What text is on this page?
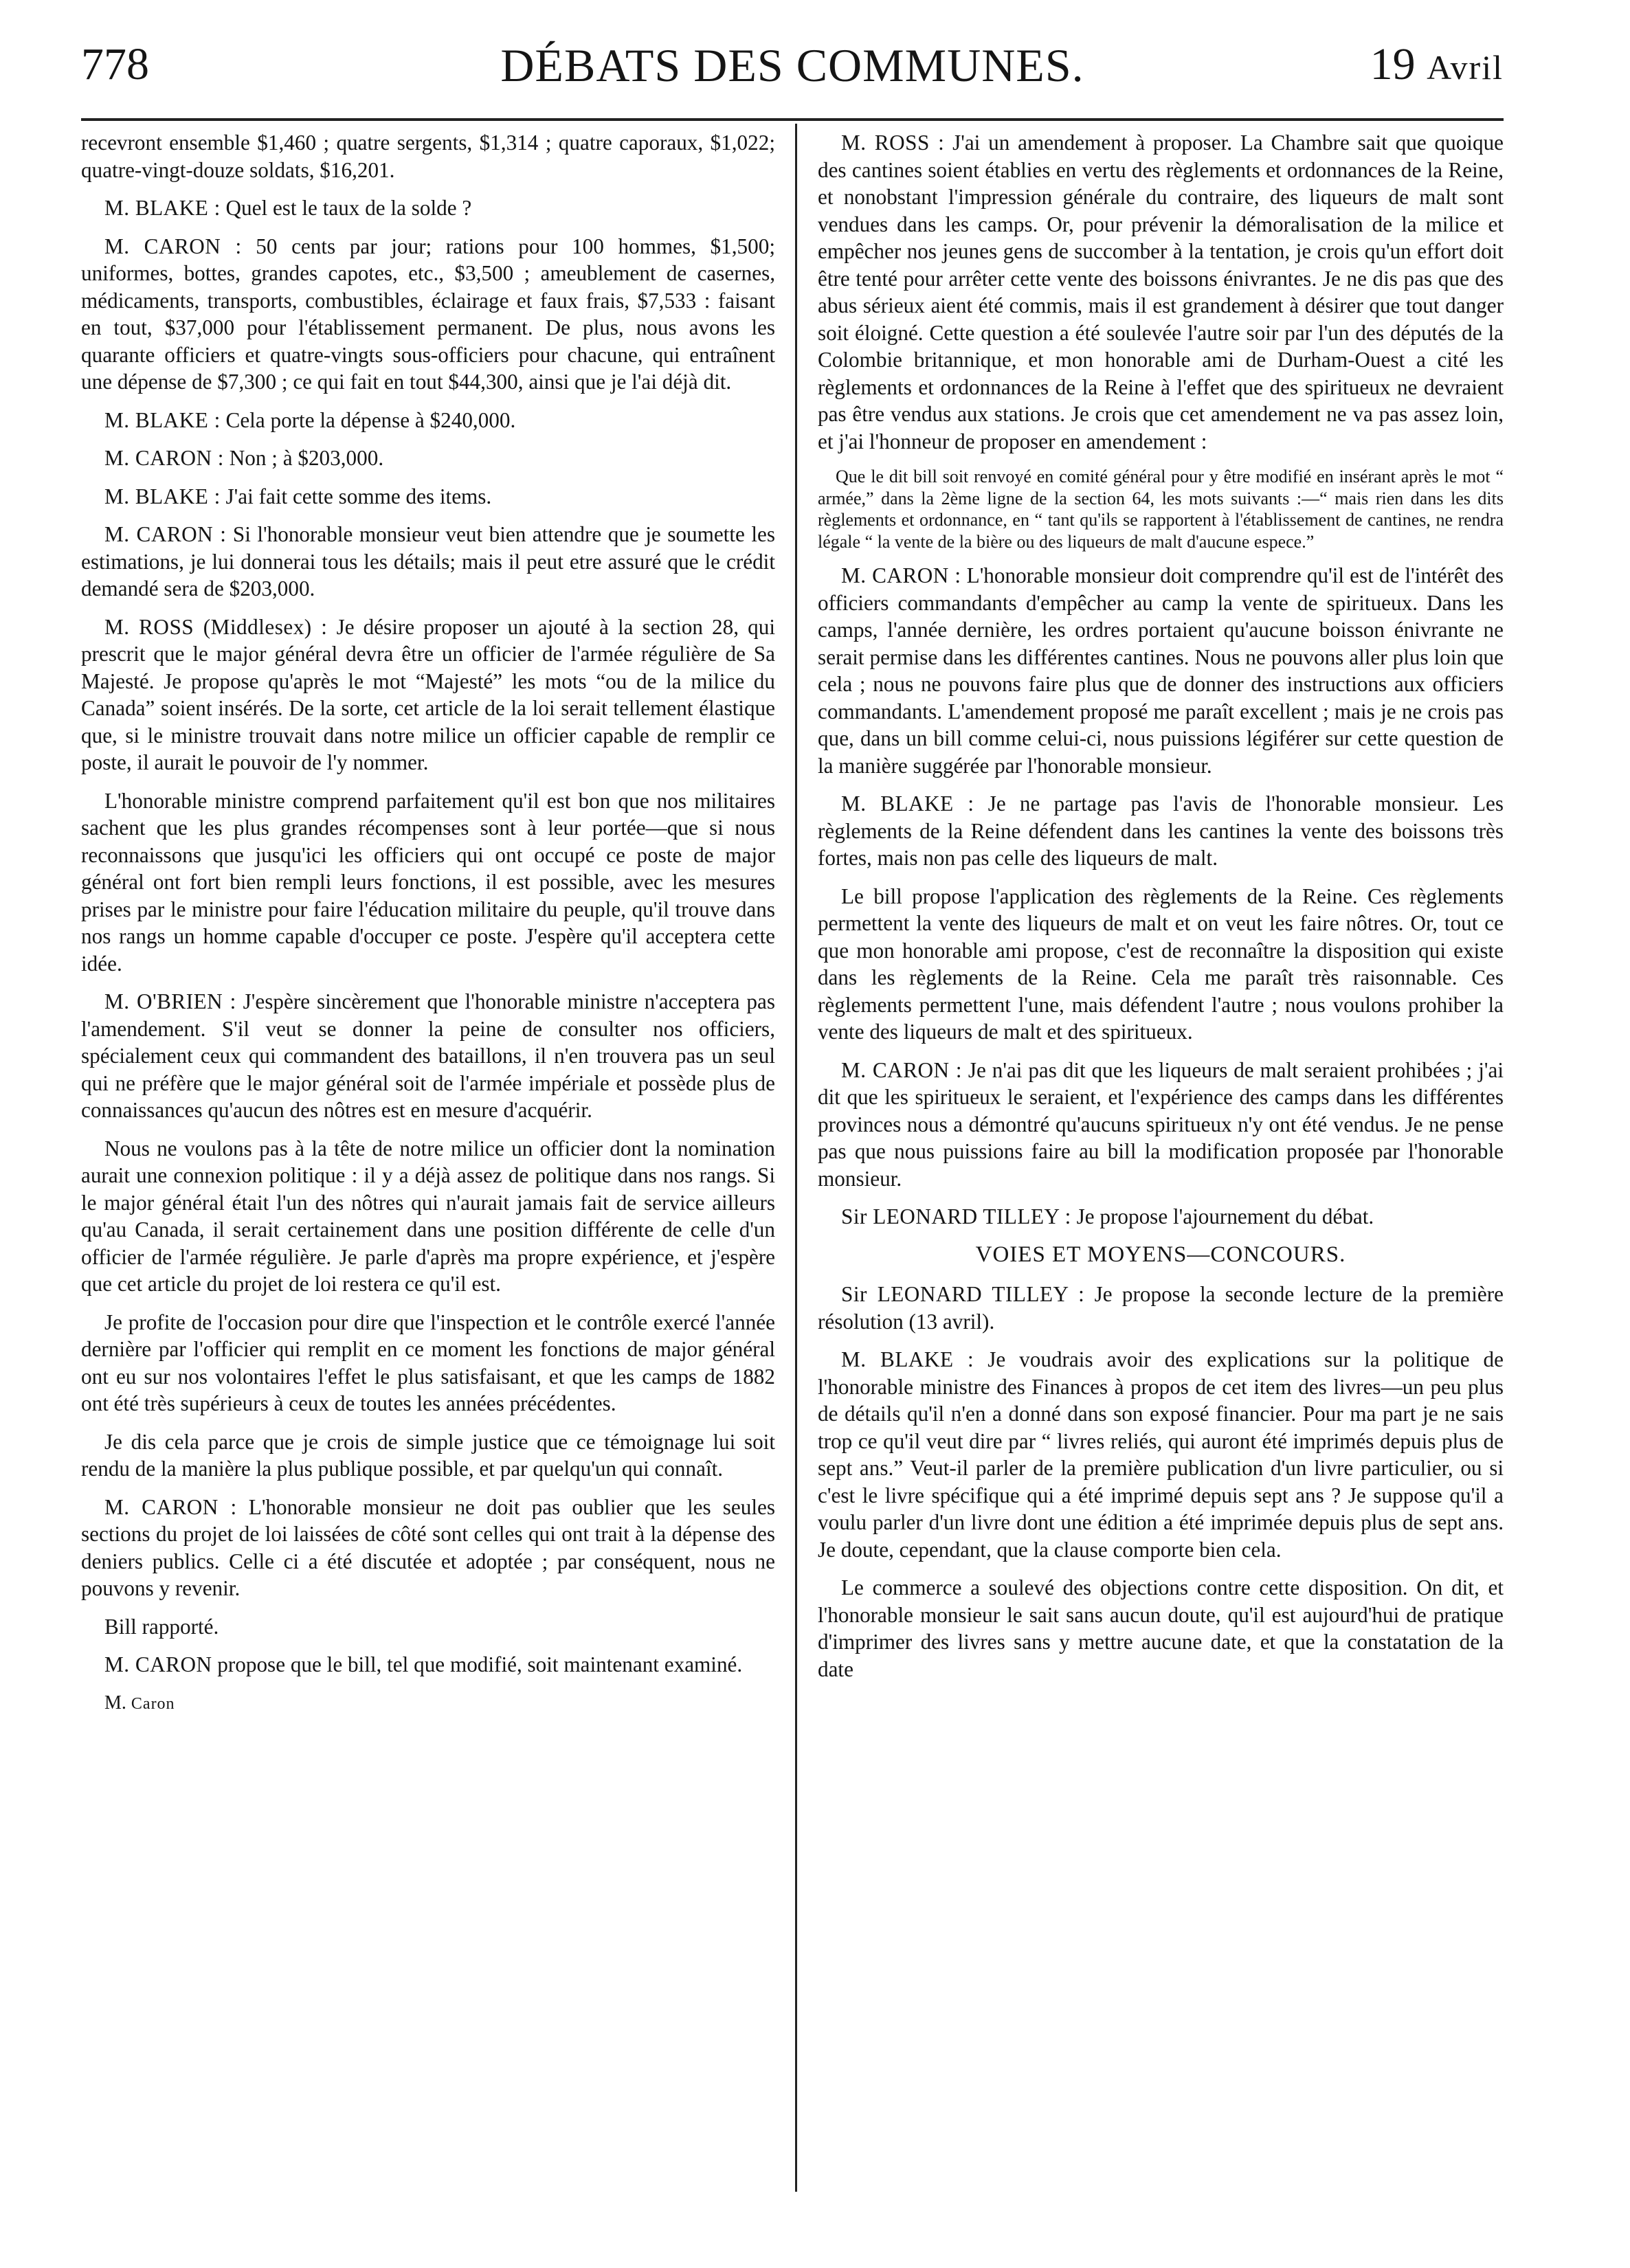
778	DÉBATS DES COMMUNES.	19 Avril

recevront ensemble $1,460 ; quatre sergents, $1,314 ; quatre caporaux, $1,022; quatre-vingt-douze soldats, $16,201.

M. BLAKE : Quel est le taux de la solde ?

M. CARON : 50 cents par jour; rations pour 100 hommes, $1,500; uniformes, bottes, grandes capotes, etc., $3,500 ; ameublement de casernes, médicaments, transports, combustibles, éclairage et faux frais, $7,533 : faisant en tout, $37,000 pour l'établissement permanent. De plus, nous avons les quarante officiers et quatre-vingts sous-officiers pour chacune, qui entraînent une dépense de $7,300 ; ce qui fait en tout $44,300, ainsi que je l'ai déjà dit.

M. BLAKE : Cela porte la dépense à $240,000.

M. CARON : Non ; à $203,000.

M. BLAKE : J'ai fait cette somme des items.

M. CARON : Si l'honorable monsieur veut bien attendre que je soumette les estimations, je lui donnerai tous les détails; mais il peut etre assuré que le crédit demandé sera de $203,000.

M. ROSS (Middlesex) : Je désire proposer un ajouté à la section 28, qui prescrit que le major général devra être un officier de l'armée régulière de Sa Majesté. Je propose qu'après le mot “Majesté” les mots “ou de la milice du Canada” soient insérés. De la sorte, cet article de la loi serait tellement élastique que, si le ministre trouvait dans notre milice un officier capable de remplir ce poste, il aurait le pouvoir de l'y nommer.

L'honorable ministre comprend parfaitement qu'il est bon que nos militaires sachent que les plus grandes récompenses sont à leur portée—que si nous reconnaissons que jusqu'ici les officiers qui ont occupé ce poste de major général ont fort bien rempli leurs fonctions, il est possible, avec les mesures prises par le ministre pour faire l'éducation militaire du peuple, qu'il trouve dans nos rangs un homme capable d'occuper ce poste. J'espère qu'il acceptera cette idée.

M. O'BRIEN : J'espère sincèrement que l'honorable ministre n'acceptera pas l'amendement. S'il veut se donner la peine de consulter nos officiers, spécialement ceux qui commandent des bataillons, il n'en trouvera pas un seul qui ne préfère que le major général soit de l'armée impériale et possède plus de connaissances qu'aucun des nôtres est en mesure d'acquérir.

Nous ne voulons pas à la tête de notre milice un officier dont la nomination aurait une connexion politique : il y a déjà assez de politique dans nos rangs. Si le major général était l'un des nôtres qui n'aurait jamais fait de service ailleurs qu'au Canada, il serait certainement dans une position différente de celle d'un officier de l'armée régulière. Je parle d'après ma propre expérience, et j'espère que cet article du projet de loi restera ce qu'il est.

Je profite de l'occasion pour dire que l'inspection et le contrôle exercé l'année dernière par l'officier qui remplit en ce moment les fonctions de major général ont eu sur nos volontaires l'effet le plus satisfaisant, et que les camps de 1882 ont été très supérieurs à ceux de toutes les années précédentes.

Je dis cela parce que je crois de simple justice que ce témoignage lui soit rendu de la manière la plus publique possible, et par quelqu'un qui connaît.

M. CARON : L'honorable monsieur ne doit pas oublier que les seules sections du projet de loi laissées de côté sont celles qui ont trait à la dépense des deniers publics. Celle ci a été discutée et adoptée ; par conséquent, nous ne pouvons y revenir.

Bill rapporté.

M. CARON propose que le bill, tel que modifié, soit maintenant examiné.

M. Caron

M. ROSS : J'ai un amendement à proposer. La Chambre sait que quoique des cantines soient établies en vertu des règlements et ordonnances de la Reine, et nonobstant l'impression générale du contraire, des liqueurs de malt sont vendues dans les camps. Or, pour prévenir la démoralisation de la milice et empêcher nos jeunes gens de succomber à la tentation, je crois qu'un effort doit être tenté pour arrêter cette vente des boissons énivrantes. Je ne dis pas que des abus sérieux aient été commis, mais il est grandement à désirer que tout danger soit éloigné. Cette question a été soulevée l'autre soir par l'un des députés de la Colombie britannique, et mon honorable ami de Durham-Ouest a cité les règlements et ordonnances de la Reine à l'effet que des spiritueux ne devraient pas être vendus aux stations. Je crois que cet amendement ne va pas assez loin, et j'ai l'honneur de proposer en amendement :

Que le dit bill soit renvoyé en comité général pour y être modifié en insérant après le mot “ armée,” dans la 2ème ligne de la section 64, les mots suivants :—“ mais rien dans les dits règlements et ordonnance, en “ tant qu'ils se rapportent à l'établissement de cantines, ne rendra légale “ la vente de la bière ou des liqueurs de malt d'aucune espece.”

M. CARON : L'honorable monsieur doit comprendre qu'il est de l'intérêt des officiers commandants d'empêcher au camp la vente de spiritueux. Dans les camps, l'année dernière, les ordres portaient qu'aucune boisson énivrante ne serait permise dans les différentes cantines. Nous ne pouvons aller plus loin que cela ; nous ne pouvons faire plus que de donner des instructions aux officiers commandants. L'amendement proposé me paraît excellent ; mais je ne crois pas que, dans un bill comme celui-ci, nous puissions légiférer sur cette question de la manière suggérée par l'honorable monsieur.

M. BLAKE : Je ne partage pas l'avis de l'honorable monsieur. Les règlements de la Reine défendent dans les cantines la vente des boissons très fortes, mais non pas celle des liqueurs de malt.

Le bill propose l'application des règlements de la Reine. Ces règlements permettent la vente des liqueurs de malt et on veut les faire nôtres. Or, tout ce que mon honorable ami propose, c'est de reconnaître la disposition qui existe dans les règlements de la Reine. Cela me paraît très raisonnable. Ces règlements permettent l'une, mais défendent l'autre ; nous voulons prohiber la vente des liqueurs de malt et des spiritueux.

M. CARON : Je n'ai pas dit que les liqueurs de malt seraient prohibées ; j'ai dit que les spiritueux le seraient, et l'expérience des camps dans les différentes provinces nous a démontré qu'aucuns spiritueux n'y ont été vendus. Je ne pense pas que nous puissions faire au bill la modification proposée par l'honorable monsieur.

Sir LEONARD TILLEY : Je propose l'ajournement du débat.

VOIES ET MOYENS—CONCOURS.

Sir LEONARD TILLEY : Je propose la seconde lecture de la première résolution (13 avril).

M. BLAKE : Je voudrais avoir des explications sur la politique de l'honorable ministre des Finances à propos de cet item des livres—un peu plus de détails qu'il n'en a donné dans son exposé financier. Pour ma part je ne sais trop ce qu'il veut dire par “ livres reliés, qui auront été imprimés depuis plus de sept ans.” Veut-il parler de la première publication d'un livre particulier, ou si c'est le livre spécifique qui a été imprimé depuis sept ans ? Je suppose qu'il a voulu parler d'un livre dont une édition a été imprimée depuis plus de sept ans. Je doute, cependant, que la clause comporte bien cela.

Le commerce a soulevé des objections contre cette disposition. On dit, et l'honorable monsieur le sait sans aucun doute, qu'il est aujourd'hui de pratique d'imprimer des livres sans y mettre aucune date, et que la constatation de la date
